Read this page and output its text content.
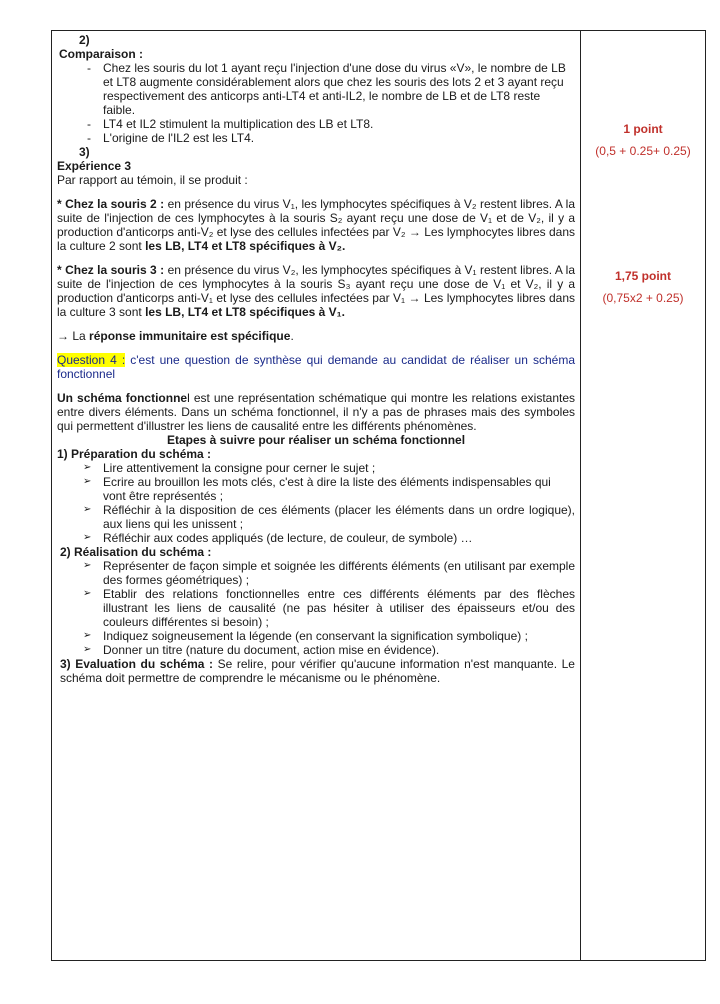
2)

Comparaison :

- Chez les souris du lot 1 ayant reçu l'injection d'une dose du virus «V», le nombre de LB et LT8 augmente considérablement alors que chez les souris des lots 2 et 3 ayant reçu respectivement des anticorps anti-LT4 et anti-IL2, le nombre de LB et de LT8 reste faible.
- LT4 et IL2 stimulent la multiplication des LB et LT8.
- L'origine de l'IL2 est les LT4.

3)

Expérience 3

Par rapport au témoin, il se produit :

* Chez la souris 2 : en présence du virus V₁, les lymphocytes spécifiques à V₂ restent libres. A la suite de l'injection de ces lymphocytes à la souris S₂ ayant reçu une dose de V₁ et de V₂, il y a production d'anticorps anti-V₂ et lyse des cellules infectées par V₂ → Les lymphocytes libres dans la culture 2 sont les LB, LT4 et LT8 spécifiques à V₂.

* Chez la souris 3 : en présence du virus V₂, les lymphocytes spécifiques à V₁ restent libres. A la suite de l'injection de ces lymphocytes à la souris S₃ ayant reçu une dose de V₁ et V₂, il y a production d'anticorps anti-V₁ et lyse des cellules infectées par V₁ → Les lymphocytes libres dans la culture 3 sont les LB, LT4 et LT8 spécifiques à V₁.

→ La réponse immunitaire est spécifique.

Question 4 : c'est une question de synthèse qui demande au candidat de réaliser un schéma fonctionnel

Un schéma fonctionnel est une représentation schématique qui montre les relations existantes entre divers éléments. Dans un schéma fonctionnel, il n'y a pas de phrases mais des symboles qui permettent d'illustrer les liens de causalité entre les différents phénomènes.

Etapes à suivre pour réaliser un schéma fonctionnel

1) Préparation du schéma :

➢ Lire attentivement la consigne pour cerner le sujet ;
➢ Ecrire au brouillon les mots clés, c'est à dire la liste des éléments indispensables qui vont être représentés ;
➢ Réfléchir à la disposition de ces éléments (placer les éléments dans un ordre logique), aux liens qui les unissent ;
➢ Réfléchir aux codes appliqués (de lecture, de couleur, de symbole) …

2) Réalisation du schéma :

➢ Représenter de façon simple et soignée les différents éléments (en utilisant par exemple des formes géométriques) ;
➢ Etablir des relations fonctionnelles entre ces différents éléments par des flèches illustrant les liens de causalité (ne pas hésiter à utiliser des épaisseurs et/ou des couleurs différentes si besoin) ;
➢ Indiquez soigneusement la légende (en conservant la signification symbolique) ;
➢ Donner un titre (nature du document, action mise en évidence).

3) Evaluation du schéma : Se relire, pour vérifier qu'aucune information n'est manquante. Le schéma doit permettre de comprendre le mécanisme ou le phénomène.

1 point
(0,5 + 0.25+ 0.25)
1,75 point
(0,75x2 + 0.25)
